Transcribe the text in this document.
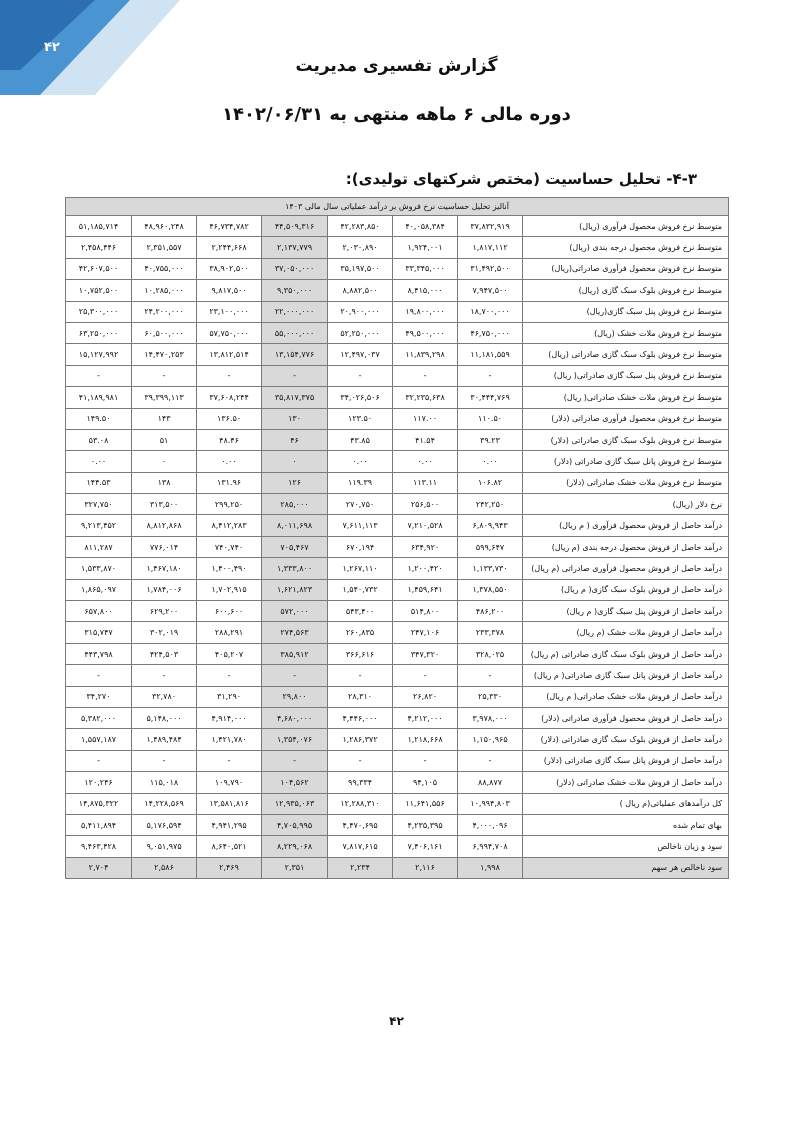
۴۲
گزارش تفسیری مدیریت
دوره مالی ۶ ماهه منتهی به ۱۴۰۲/۰۶/۳۱
۴-۳- تحلیل حساسیت (مختص شرکتهای تولیدی):
آنالیز تحلیل حساسیت نرخ فروش بر درآمد عملیاتی سال مالی ۱۴۰۳							
متوسط نرخ فروش محصول فرآوری (ریال)	۳۷,۸۳۲,۹۱۹	۴۰,۰۵۸,۳۸۴	۴۲,۲۸۳,۸۵۰	۴۴,۵۰۹,۳۱۶	۴۶,۷۳۴,۷۸۲	۴۸,۹۶۰,۲۴۸	۵۱,۱۸۵,۷۱۴
متوسط نرخ فروش محصول درجه بندی (ریال)	۱,۸۱۷,۱۱۲	۱,۹۲۴,۰۰۱	۲,۰۳۰,۸۹۰	۲,۱۳۷,۷۷۹	۲,۲۴۴,۶۶۸	۲,۳۵۱,۵۵۷	۲,۴۵۸,۴۴۶
متوسط نرخ فروش محصول فرآوری صادراتی(ریال)	۳۱,۴۹۲,۵۰۰	۳۳,۳۴۵,۰۰۰	۳۵,۱۹۷,۵۰۰	۳۷,۰۵۰,۰۰۰	۳۸,۹۰۲,۵۰۰	۴۰,۷۵۵,۰۰۰	۴۲,۶۰۷,۵۰۰
متوسط نرخ فروش بلوک سبک گازی (ریال)	۷,۹۴۷,۵۰۰	۸,۴۱۵,۰۰۰	۸,۸۸۲,۵۰۰	۹,۳۵۰,۰۰۰	۹,۸۱۷,۵۰۰	۱۰,۲۸۵,۰۰۰	۱۰,۷۵۲,۵۰۰
متوسط نرخ فروش پنل سبک گازی(ریال)	۱۸,۷۰۰,۰۰۰	۱۹,۸۰۰,۰۰۰	۲۰,۹۰۰,۰۰۰	۲۲,۰۰۰,۰۰۰	۲۳,۱۰۰,۰۰۰	۲۴,۲۰۰,۰۰۰	۲۵,۳۰۰,۰۰۰
متوسط نرخ فروش ملات خشک (ریال)	۴۶,۷۵۰,۰۰۰	۴۹,۵۰۰,۰۰۰	۵۲,۲۵۰,۰۰۰	۵۵,۰۰۰,۰۰۰	۵۷,۷۵۰,۰۰۰	۶۰,۵۰۰,۰۰۰	۶۳,۲۵۰,۰۰۰
متوسط نرخ فروش بلوک سبک گازی صادراتی (ریال)	۱۱,۱۸۱,۵۵۹	۱۱,۸۳۹,۲۹۸	۱۲,۴۹۷,۰۳۷	۱۳,۱۵۴,۷۷۶	۱۳,۸۱۲,۵۱۴	۱۴,۴۷۰,۲۵۳	۱۵,۱۲۷,۹۹۲
متوسط نرخ فروش پنل سبک گازی صادراتی( ریال)	-	-	-	-	-	-	-
متوسط نرخ فروش ملات خشک صادراتی( ریال)	۳۰,۴۴۴,۷۶۹	۳۲,۲۳۵,۶۳۸	۳۴,۰۲۶,۵۰۶	۳۵,۸۱۷,۳۷۵	۳۷,۶۰۸,۲۴۴	۳۹,۳۹۹,۱۱۳	۴۱,۱۸۹,۹۸۱
متوسط نرخ فروش محصول فرآوری صادراتی (دلار)	۱۱۰.۵۰	۱۱۷.۰۰	۱۲۳.۵۰	۱۳۰	۱۳۶.۵۰	۱۴۳	۱۴۹.۵۰
متوسط نرخ فروش بلوک سبک گازی صادراتی (دلار)	۳۹.۲۳	۴۱.۵۴	۴۳.۸۵	۴۶	۴۸.۴۶	۵۱	۵۳.۰۸
متوسط نرخ فروش پانل سبک گازی صادراتی (دلار)	۰.۰۰	۰.۰۰	۰.۰۰	۰	۰.۰۰	۰	۰.۰۰
متوسط نرخ فروش ملات خشک صادراتی (دلار)	۱۰۶.۸۲	۱۱۳.۱۱	۱۱۹.۳۹	۱۲۶	۱۳۱.۹۶	۱۳۸	۱۴۴.۵۳
نرخ دلار (ریال)	۲۴۲,۲۵۰	۲۵۶,۵۰۰	۲۷۰,۷۵۰	۲۸۵,۰۰۰	۲۹۹,۲۵۰	۳۱۳,۵۰۰	۳۲۷,۷۵۰
درآمد حاصل از فروش محصول فرآوری ( م ریال)	۶,۸۰۹,۹۴۳	۷,۲۱۰,۵۲۸	۷,۶۱۱,۱۱۳	۸,۰۱۱,۶۹۸	۸,۴۱۲,۲۸۳	۸,۸۱۲,۸۶۸	۹,۲۱۳,۴۵۲
درآمد حاصل از فروش محصول درجه بندی (م ریال)	۵۹۹,۶۴۷	۶۳۴,۹۲۰	۶۷۰,۱۹۴	۷۰۵,۴۶۷	۷۴۰,۷۴۰	۷۷۶,۰۱۴	۸۱۱,۲۸۷
درآمد حاصل از فروش محصول فرآوری صادراتی (م ریال)	۱,۱۳۳,۷۳۰	۱,۲۰۰,۴۲۰	۱,۲۶۷,۱۱۰	۱,۳۳۳,۸۰۰	۱,۴۰۰,۴۹۰	۱,۴۶۷,۱۸۰	۱,۵۳۳,۸۷۰
درآمد حاصل از فروش بلوک سبک گازی( م ریال)	۱,۳۷۸,۵۵۰	۱,۴۵۹,۶۴۱	۱,۵۴۰,۷۳۲	۱,۶۲۱,۸۲۳	۱,۷۰۲,۹۱۵	۱,۷۸۴,۰۰۶	۱,۸۶۵,۰۹۷
درآمد حاصل از فروش پنل سبک گازی( م ریال)	۴۸۶,۲۰۰	۵۱۴,۸۰۰	۵۴۳,۴۰۰	۵۷۲,۰۰۰	۶۰۰,۶۰۰	۶۲۹,۲۰۰	۶۵۷,۸۰۰
درآمد حاصل از فروش ملات خشک (م ریال)	۲۳۳,۳۷۸	۲۴۷,۱۰۶	۲۶۰,۸۳۵	۲۷۴,۵۶۳	۲۸۸,۲۹۱	۳۰۲,۰۱۹	۳۱۵,۷۴۷
درآمد حاصل از فروش بلوک سبک گازی صادراتی (م ریال)	۳۲۸,۰۲۵	۳۴۷,۳۲۰	۳۶۶,۶۱۶	۳۸۵,۹۱۲	۴۰۵,۲۰۷	۴۲۴,۵۰۳	۴۴۳,۷۹۸
درآمد حاصل از فروش پانل سبک گازی صادراتی( م ریال)	-	-	-	-	-	-	-
درآمد حاصل از فروش ملات خشک صادراتی( م ریال)	۲۵,۳۳۰	۲۶,۸۲۰	۲۸,۳۱۰	۲۹,۸۰۰	۳۱,۲۹۰	۳۲,۷۸۰	۳۴,۲۷۰
درآمد حاصل از فروش محصول فرآوری صادراتی (دلار)	۳,۹۷۸,۰۰۰	۴,۲۱۲,۰۰۰	۴,۴۴۶,۰۰۰	۴,۶۸۰,۰۰۰	۴,۹۱۴,۰۰۰	۵,۱۴۸,۰۰۰	۵,۳۸۲,۰۰۰
درآمد حاصل از فروش بلوک سبک گازی صادراتی (دلار)	۱,۱۵۰,۹۶۵	۱,۲۱۸,۶۶۸	۱,۲۸۶,۳۷۲	۱,۳۵۴,۰۷۶	۱,۴۲۱,۷۸۰	۱,۴۸۹,۴۸۴	۱,۵۵۷,۱۸۷
درآمد حاصل از فروش پانل سبک گازی صادراتی (دلار)	-	-	-	-	-	-	-
درآمد حاصل از فروش ملات خشک صادراتی (دلار)	۸۸,۸۷۷	۹۴,۱۰۵	۹۹,۳۳۴	۱۰۴,۵۶۲	۱۰۹,۷۹۰	۱۱۵,۰۱۸	۱۲۰,۲۴۶
کل درآمدهای عملیاتی(م ریال )	۱۰,۹۹۴,۸۰۳	۱۱,۶۴۱,۵۵۶	۱۲,۲۸۸,۳۱۰	۱۲,۹۳۵,۰۶۳	۱۳,۵۸۱,۸۱۶	۱۴,۲۲۸,۵۶۹	۱۴,۸۷۵,۳۲۲
بهای تمام شده	۴,۰۰۰,۰۹۶	۴,۲۳۵,۳۹۵	۴,۴۷۰,۶۹۵	۴,۷۰۵,۹۹۵	۴,۹۴۱,۲۹۵	۵,۱۷۶,۵۹۴	۵,۴۱۱,۸۹۴
سود و زیان ناخالص	۶,۹۹۴,۷۰۸	۷,۴۰۶,۱۶۱	۷,۸۱۷,۶۱۵	۸,۲۲۹,۰۶۸	۸,۶۴۰,۵۲۱	۹,۰۵۱,۹۷۵	۹,۴۶۳,۴۲۸
سود ناخالص هر سهم	۱,۹۹۸	۲,۱۱۶	۲,۲۳۴	۲,۳۵۱	۲,۴۶۹	۲,۵۸۶	۲,۷۰۴
۴۲
